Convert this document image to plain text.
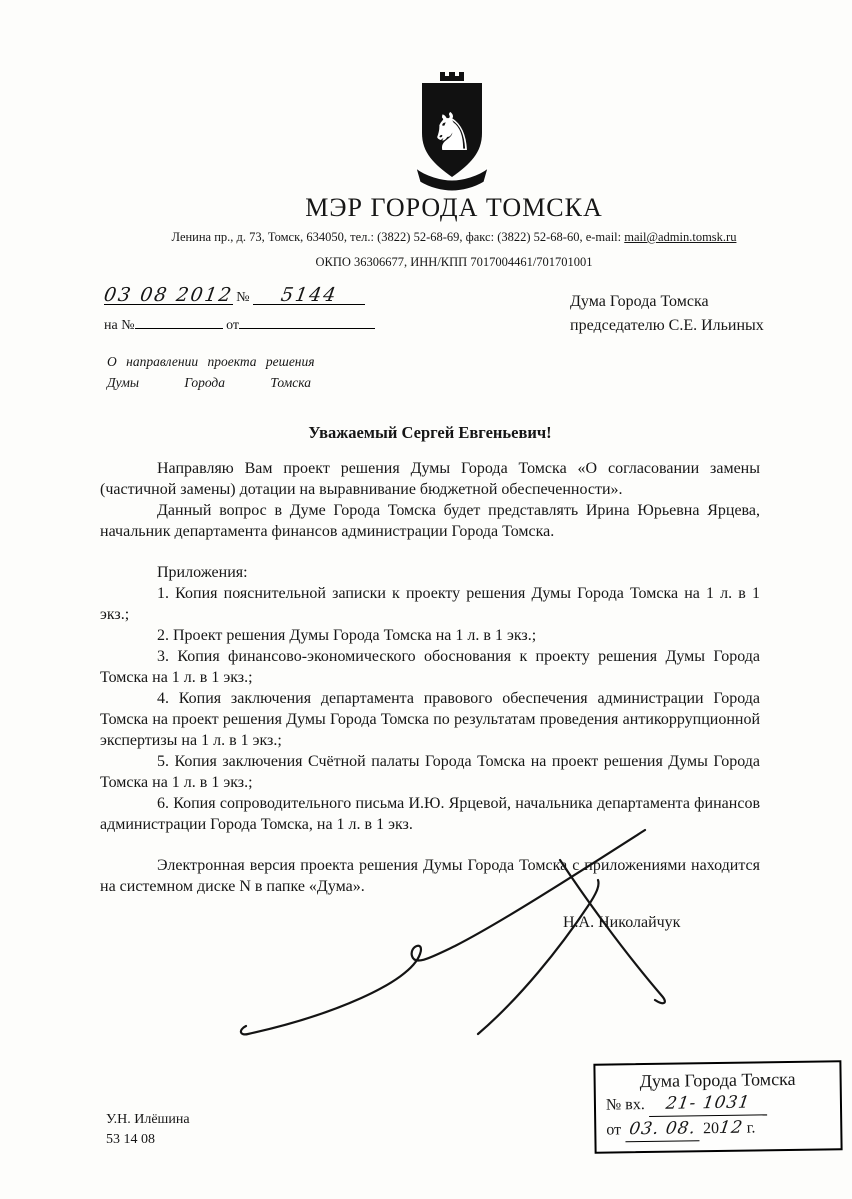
♞
МЭР ГОРОДА ТОМСКА
Ленина пр., д. 73, Томск, 634050, тел.: (3822) 52-68-69, факс: (3822) 52-68-60, e-mail: mail@admin.tomsk.ru
ОКПО 36306677, ИНН/КПП 7017004461/701701001
03 08 2012 № 5144
на №	от
Дума Города Томска
председателю С.Е. Ильиных
О направлении проекта решения
Думы Города Томска
Уважаемый Сергей Евгеньевич!

Направляю Вам проект решения Думы Города Томска «О согласовании замены (частичной замены) дотации на выравнивание бюджетной обеспеченности».

Данный вопрос в Думе Города Томска будет представлять Ирина Юрьевна Ярцева, начальник департамента финансов администрации Города Томска.

Приложения:

1. Копия пояснительной записки к проекту решения Думы Города Томска на 1 л. в 1 экз.;

2. Проект решения Думы Города Томска на 1 л. в 1 экз.;

3. Копия финансово-экономического обоснования к проекту решения Думы Города Томска на 1 л. в 1 экз.;

4. Копия заключения департамента правового обеспечения администрации Города Томска на проект решения Думы Города Томска по результатам проведения антикоррупционной экспертизы на 1 л. в 1 экз.;

5. Копия заключения Счётной палаты Города Томска на проект решения Думы Города Томска на 1 л. в 1 экз.;

6. Копия сопроводительного письма И.Ю. Ярцевой, начальника департамента финансов администрации Города Томска, на 1 л. в 1 экз.

Электронная версия проекта решения Думы Города Томска с приложениями находится на системном диске N в папке «Дума».

Н.А. Николайчук
У.Н. Илёшина
53 14 08
Дума Города Томска
№ вх. 21- 1031
от 03. 08. 2012 г.
